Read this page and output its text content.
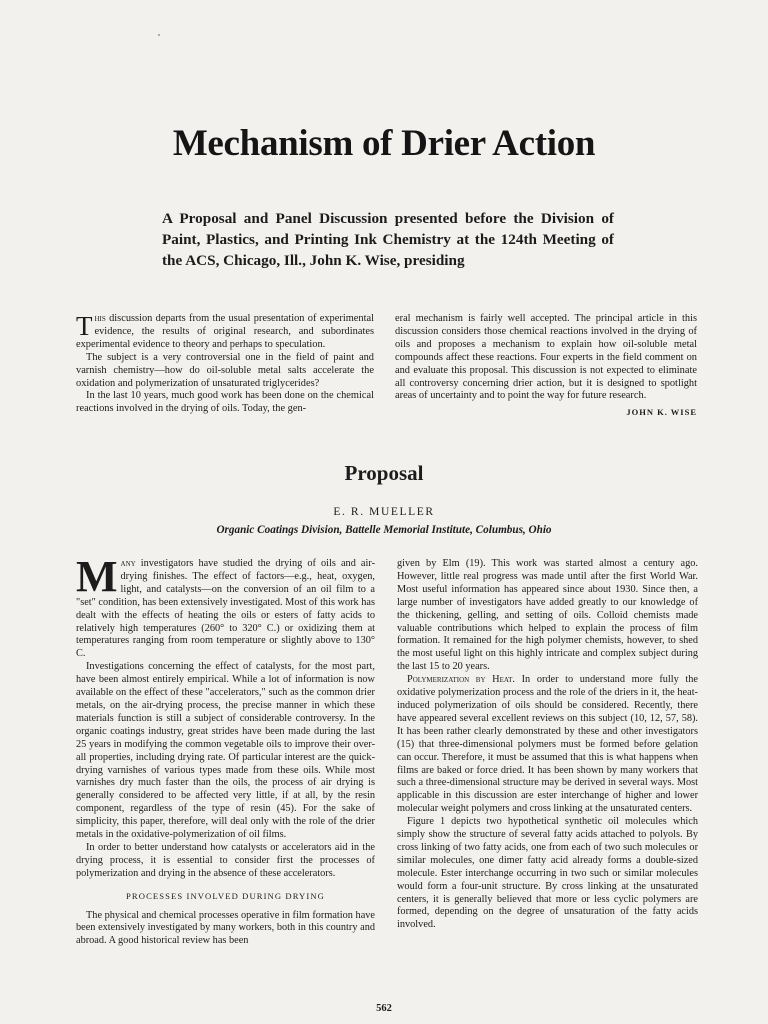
Mechanism of Drier Action
A Proposal and Panel Discussion presented before the Division of Paint, Plastics, and Printing Ink Chemistry at the 124th Meeting of the ACS, Chicago, Ill., John K. Wise, presiding

This discussion departs from the usual presentation of experimental evidence, the results of original research, and subordinates experimental evidence to theory and perhaps to speculation.

The subject is a very controversial one in the field of paint and varnish chemistry—how do oil-soluble metal salts accelerate the oxidation and polymerization of unsaturated triglycerides?

In the last 10 years, much good work has been done on the chemical reactions involved in the drying of oils. Today, the gen-

eral mechanism is fairly well accepted. The principal article in this discussion considers those chemical reactions involved in the drying of oils and proposes a mechanism to explain how oil-soluble metal compounds affect these reactions. Four experts in the field comment on and evaluate this proposal. This discussion is not expected to eliminate all controversy concerning drier action, but it is designed to spotlight areas of uncertainty and to point the way for future research.

JOHN K. WISE
Proposal
E. R. MUELLER
Organic Coatings Division, Battelle Memorial Institute, Columbus, Ohio

Many investigators have studied the drying of oils and air-drying finishes. The effect of factors—e.g., heat, oxygen, light, and catalysts—on the conversion of an oil film to a "set" condition, has been extensively investigated. Most of this work has dealt with the effects of heating the oils or esters of fatty acids to relatively high temperatures (260° to 320° C.) or oxidizing them at temperatures ranging from room temperature or slightly above to 130° C.

Investigations concerning the effect of catalysts, for the most part, have been almost entirely empirical. While a lot of information is now available on the effect of these "accelerators," such as the common drier metals, on the air-drying process, the precise manner in which these materials function is still a subject of considerable controversy. In the organic coatings industry, great strides have been made during the last 25 years in modifying the common vegetable oils to improve their over-all properties, including drying rate. Of particular interest are the quick-drying varnishes of various types made from these oils. While most varnishes dry much faster than the oils, the process of air drying is generally considered to be affected very little, if at all, by the resin component, regardless of the type of resin (45). For the sake of simplicity, this paper, therefore, will deal only with the role of the drier metals in the oxidative-polymerization of oil films.

In order to better understand how catalysts or accelerators aid in the drying process, it is essential to consider first the processes of polymerization and drying in the absence of these accelerators.

PROCESSES INVOLVED DURING DRYING

The physical and chemical processes operative in film formation have been extensively investigated by many workers, both in this country and abroad. A good historical review has been

given by Elm (19). This work was started almost a century ago. However, little real progress was made until after the first World War. Most useful information has appeared since about 1930. Since then, a large number of investigators have added greatly to our knowledge of the thickening, gelling, and setting of oils. Colloid chemists made valuable contributions which helped to explain the process of film formation. It remained for the high polymer chemists, however, to shed the most useful light on this highly intricate and complex subject during the last 15 to 20 years.

Polymerization by Heat. In order to understand more fully the oxidative polymerization process and the role of the driers in it, the heat-induced polymerization of oils should be considered. Recently, there have appeared several excellent reviews on this subject (10, 12, 57, 58). It has been rather clearly demonstrated by these and other investigators (15) that three-dimensional polymers must be formed before gelation can occur. Therefore, it must be assumed that this is what happens when films are baked or force dried. It has been shown by many workers that such a three-dimensional structure may be derived in several ways. Most applicable in this discussion are ester interchange of higher and lower molecular weight polymers and cross linking at the unsaturated centers.

Figure 1 depicts two hypothetical synthetic oil molecules which simply show the structure of several fatty acids attached to polyols. By cross linking of two fatty acids, one from each of two such molecules or similar molecules, one dimer fatty acid already forms a double-sized molecule. Ester interchange occurring in two such or similar molecules would form a four-unit structure. By cross linking at the unsaturated centers, it is generally believed that more or less cyclic polymers are formed, depending on the degree of unsaturation of the fatty acids involved.

562
